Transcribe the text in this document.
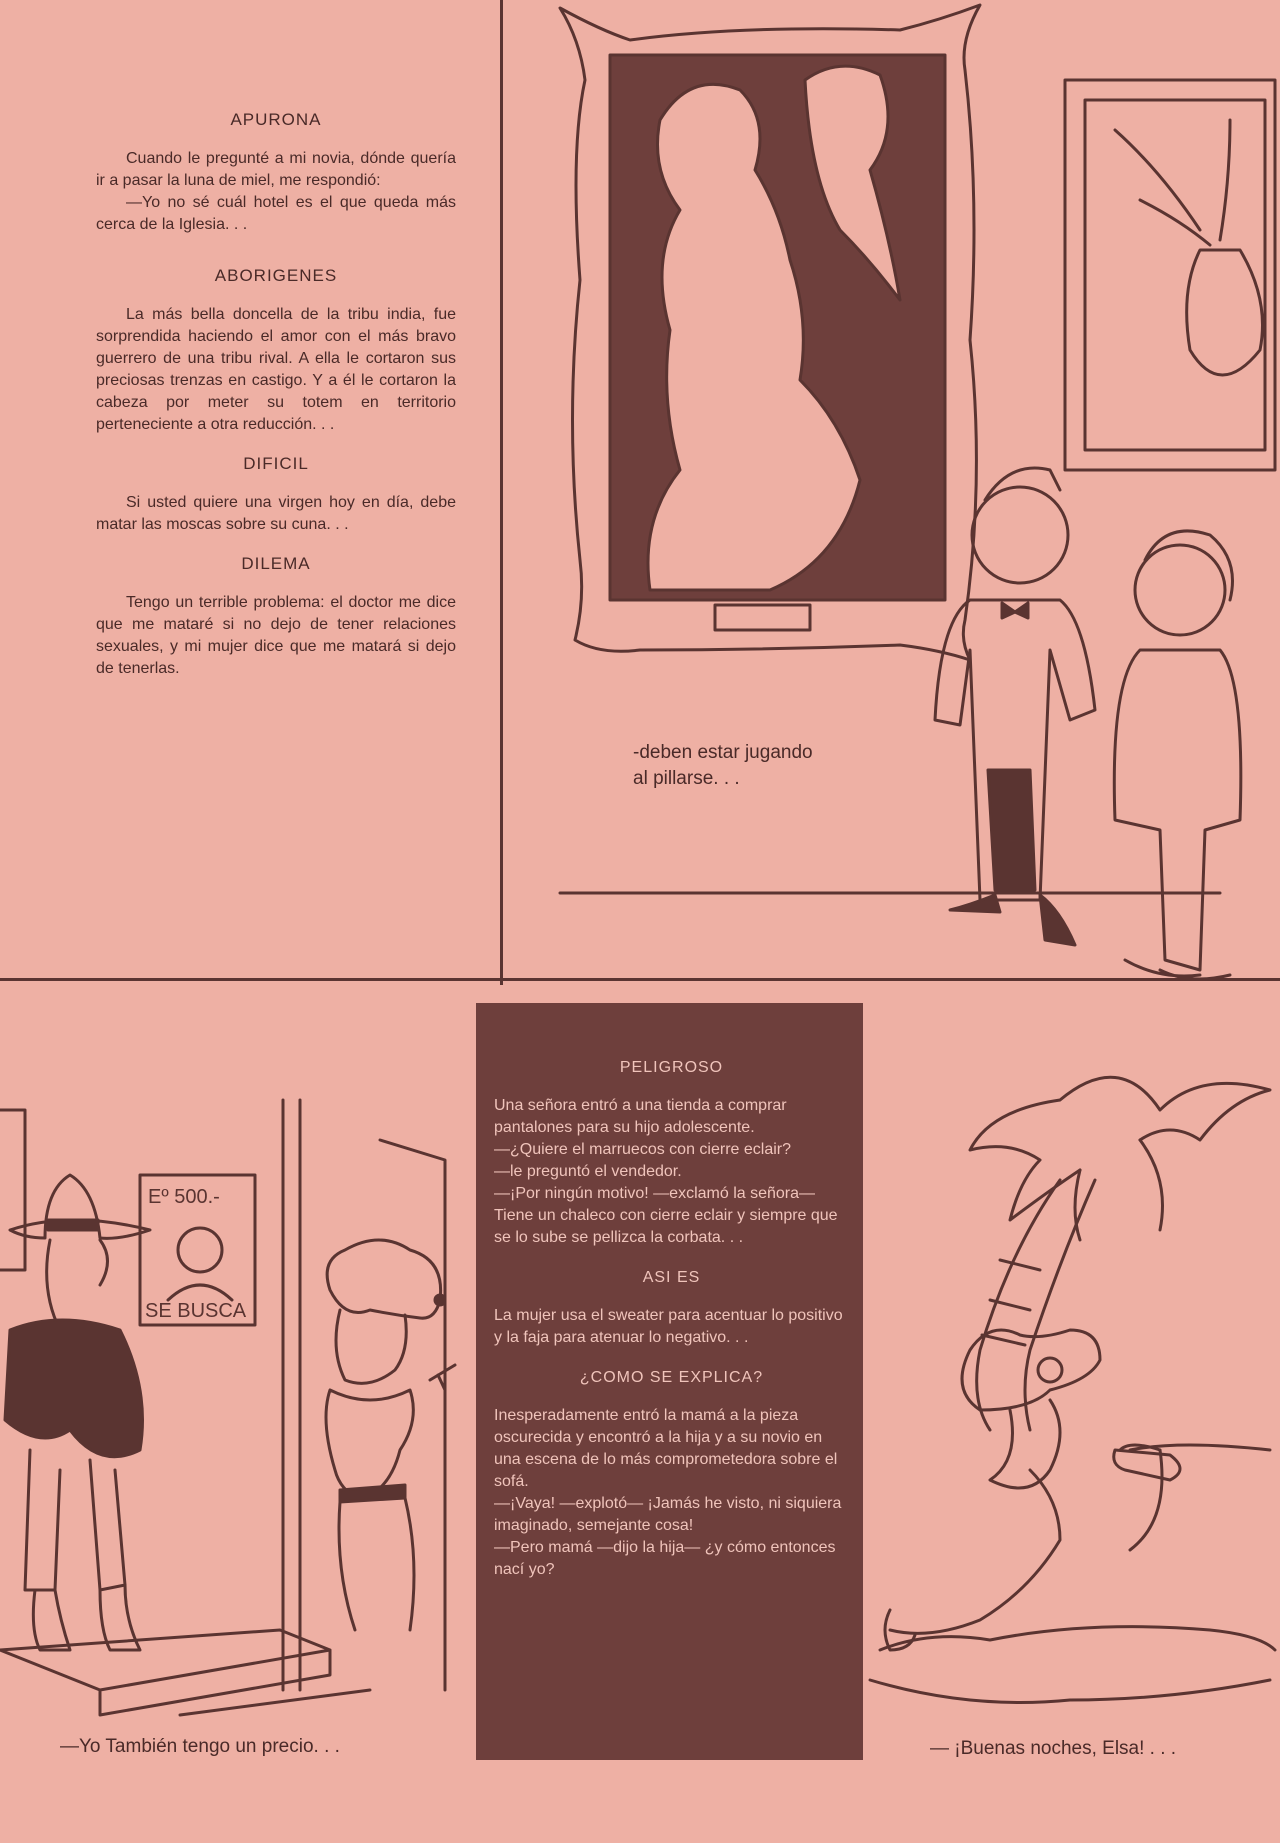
APURONA

Cuando le pregunté a mi novia, dónde quería ir a pasar la luna de miel, me respondió:

—Yo no sé cuál hotel es el que queda más cerca de la Iglesia. . .

ABORIGENES

La más bella doncella de la tribu india, fue sorprendida haciendo el amor con el más bravo guerrero de una tribu rival. A ella le cortaron sus preciosas trenzas en castigo. Y a él le cortaron la cabeza por meter su totem en territorio perteneciente a otra reducción. . .

DIFICIL

Si usted quiere una virgen hoy en día, debe matar las moscas sobre su cuna. . .

DILEMA

Tengo un terrible problema: el doctor me dice que me mataré si no dejo de tener relaciones sexuales, y mi mujer dice que me matará si dejo de tenerlas.

-deben estar jugando
al pillarse. . .
Eº 500.-
SE BUSCA
—Yo También tengo un precio. . .
PELIGROSO

Una señora entró a una tienda a comprar pantalones para su hijo adolescente.

—¿Quiere el marruecos con cierre eclair?

—le preguntó el vendedor.

—¡Por ningún motivo! —exclamó la señora— Tiene un chaleco con cierre eclair y siempre que se lo sube se pellizca la corbata. . .

ASI ES

La mujer usa el sweater para acentuar lo positivo y la faja para atenuar lo negativo. . .

¿COMO SE EXPLICA?

Inesperadamente entró la mamá a la pieza oscurecida y encontró a la hija y a su novio en una escena de lo más comprometedora sobre el sofá.

—¡Vaya! —explotó— ¡Jamás he visto, ni siquiera imaginado, semejante cosa!

—Pero mamá —dijo la hija— ¿y cómo entonces nací yo?

— ¡Buenas noches, Elsa! . . .
